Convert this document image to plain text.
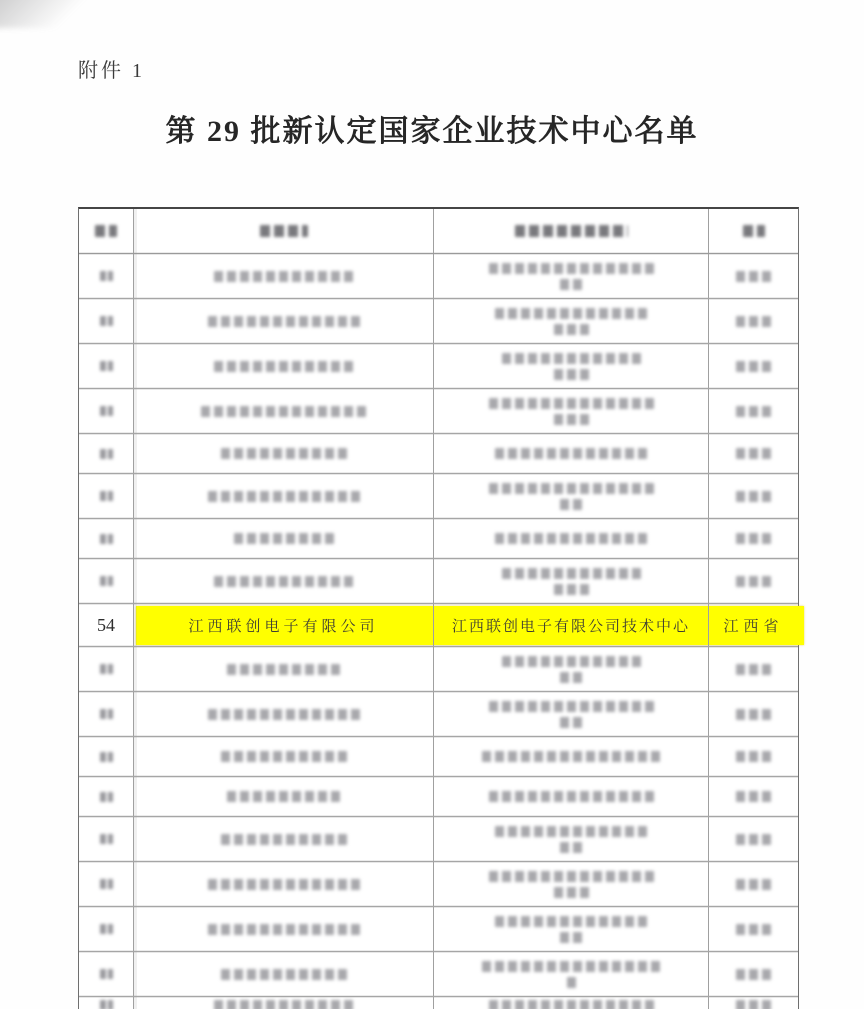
附件 1
第 29 批新认定国家企业技术中心名单
54	江西联创电子有限公司	江西联创电子有限公司技术中心 江西省
